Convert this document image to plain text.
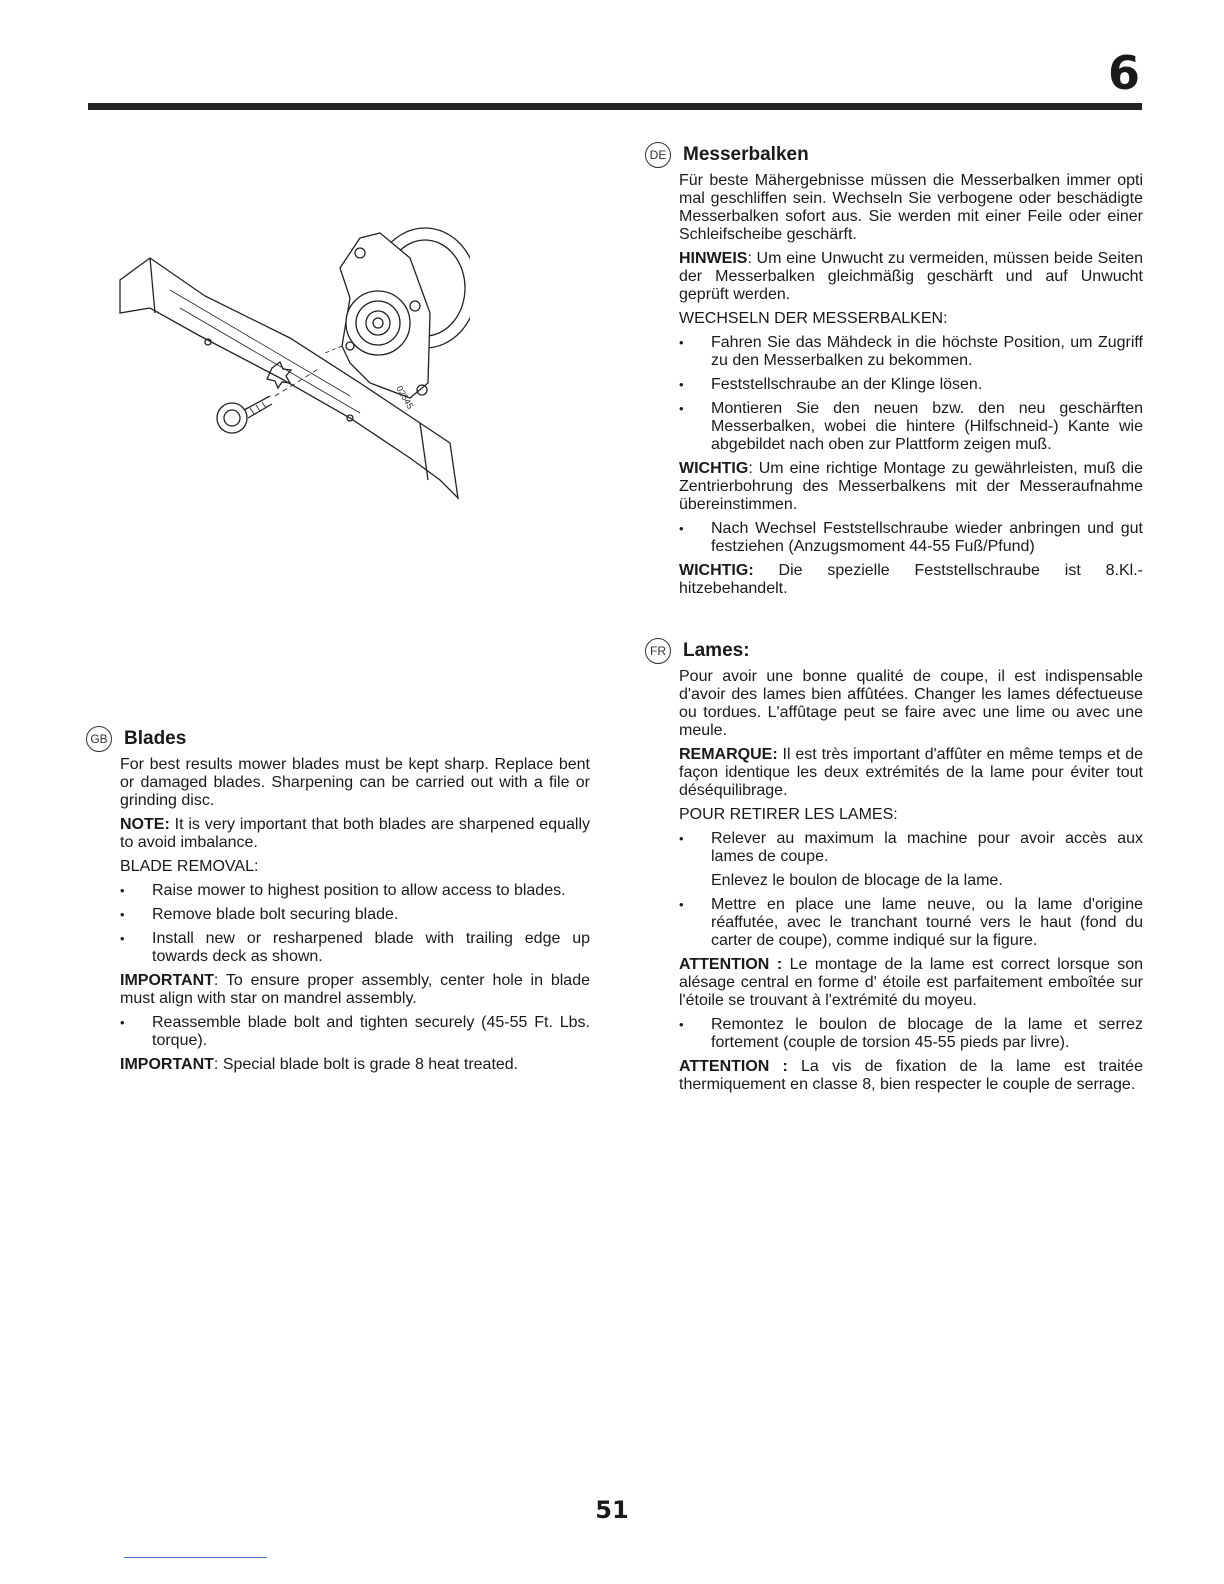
6
02545
GB Blades

For best results mower blades must be kept sharp. Replace bent or damaged blades. Sharpening can be carried out with a file or grinding disc.

NOTE: It is very important that both blades are sharpened equally to avoid imbalance.

BLADE REMOVAL:

• Raise mower to highest position to allow access to blades.
• Remove blade bolt securing blade.
• Install new or resharpened blade with trailing edge up towards deck as shown.

IMPORTANT: To ensure proper assembly, center hole in blade must align with star on mandrel assembly.

• Reassemble blade bolt and tighten securely (45-55 Ft. Lbs. torque).

IMPORTANT: Special blade bolt is grade 8 heat treated.

DE Messerbalken

Für beste Mähergebnisse müssen die Messerbalken immer opti mal geschliffen sein. Wechseln Sie verbogene oder beschädigte Messerbalken sofort aus. Sie werden mit einer Feile oder einer Schleifscheibe geschärft.

HINWEIS: Um eine Unwucht zu vermeiden, müssen beide Seiten der Messerbalken gleichmäßig geschärft und auf Unwucht geprüft werden.

WECHSELN DER MESSERBALKEN:

• Fahren Sie das Mähdeck in die höchste Position, um Zugriff zu den Messerbalken zu bekommen.
• Feststellschraube an der Klinge lösen.
• Montieren Sie den neuen bzw. den neu geschärften Messerbalken, wobei die hintere (Hilfschneid-) Kante wie abgebildet nach oben zur Plattform zeigen muß.

WICHTIG: Um eine richtige Montage zu gewährleisten, muß die Zentrierbohrung des Messerbalkens mit der Messeraufnahme übereinstimmen.

• Nach Wechsel Feststellschraube wieder anbringen und gut festziehen (Anzugsmoment 44-55 Fuß/Pfund)

WICHTIG: Die spezielle Feststellschraube ist 8.Kl.- hitzebehandelt.

FR Lames:

Pour avoir une bonne qualité de coupe, il est indispensable d'avoir des lames bien affûtées. Changer les lames défectueuse ou tordues. L'affûtage peut se faire avec une lime ou avec une meule.

REMARQUE: Il est très important d'affûter en même temps et de façon identique les deux extrémités de la lame pour éviter tout déséquilibrage.

POUR RETIRER LES LAMES:

• Relever au maximum la machine pour avoir accès aux lames de coupe.
Enlevez le boulon de blocage de la lame.
• Mettre en place une lame neuve, ou la lame d'origine réaffutée, avec le tranchant tourné vers le haut (fond du carter de coupe), comme indiqué sur la figure.

ATTENTION : Le montage de la lame est correct lorsque son alésage central en forme d' étoile est parfaitement emboîtée sur l'étoile se trouvant à l'extrémité du moyeu.

• Remontez le boulon de blocage de la lame et serrez fortement (couple de torsion 45-55 pieds par livre).

ATTENTION : La vis de fixation de la lame est traitée thermiquement en classe 8, bien respecter le couple de serrage.

51
